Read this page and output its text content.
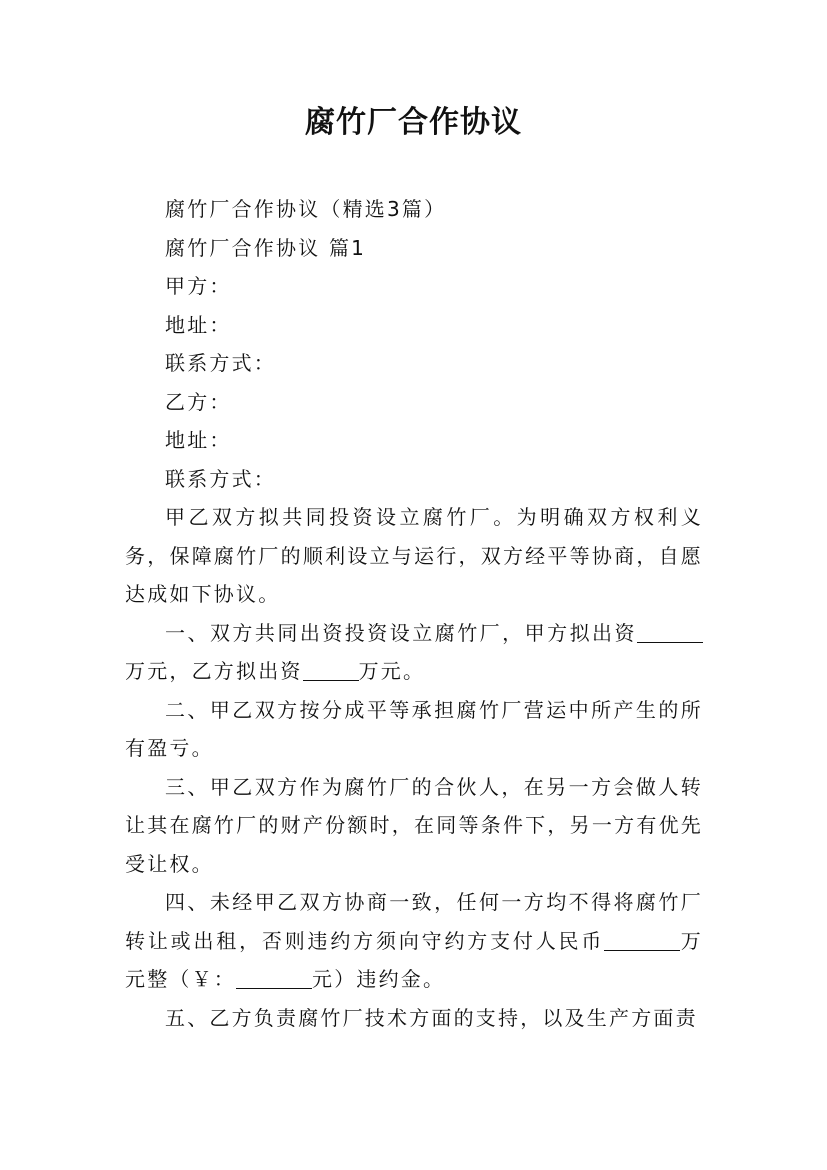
腐竹厂合作协议

腐竹厂合作协议（精选3篇）

腐竹厂合作协议 篇1

甲方：

地址：

联系方式：

乙方：

地址：

联系方式：

甲乙双方拟共同投资设立腐竹厂。为明确双方权利义务，保障腐竹厂的顺利设立与运行，双方经平等协商，自愿达成如下协议。

一、双方共同出资投资设立腐竹厂，甲方拟出资万元，乙方拟出资	万元。

二、甲乙双方按分成平等承担腐竹厂营运中所产生的所有盈亏。

三、甲乙双方作为腐竹厂的合伙人，在另一方会做人转让其在腐竹厂的财产份额时，在同等条件下，另一方有优先受让权。

四、未经甲乙双方协商一致，任何一方均不得将腐竹厂转让或出租，否则违约方须向守约方支付人民币	万元整（￥：	元）违约金。

五、乙方负责腐竹厂技术方面的支持，以及生产方面责
